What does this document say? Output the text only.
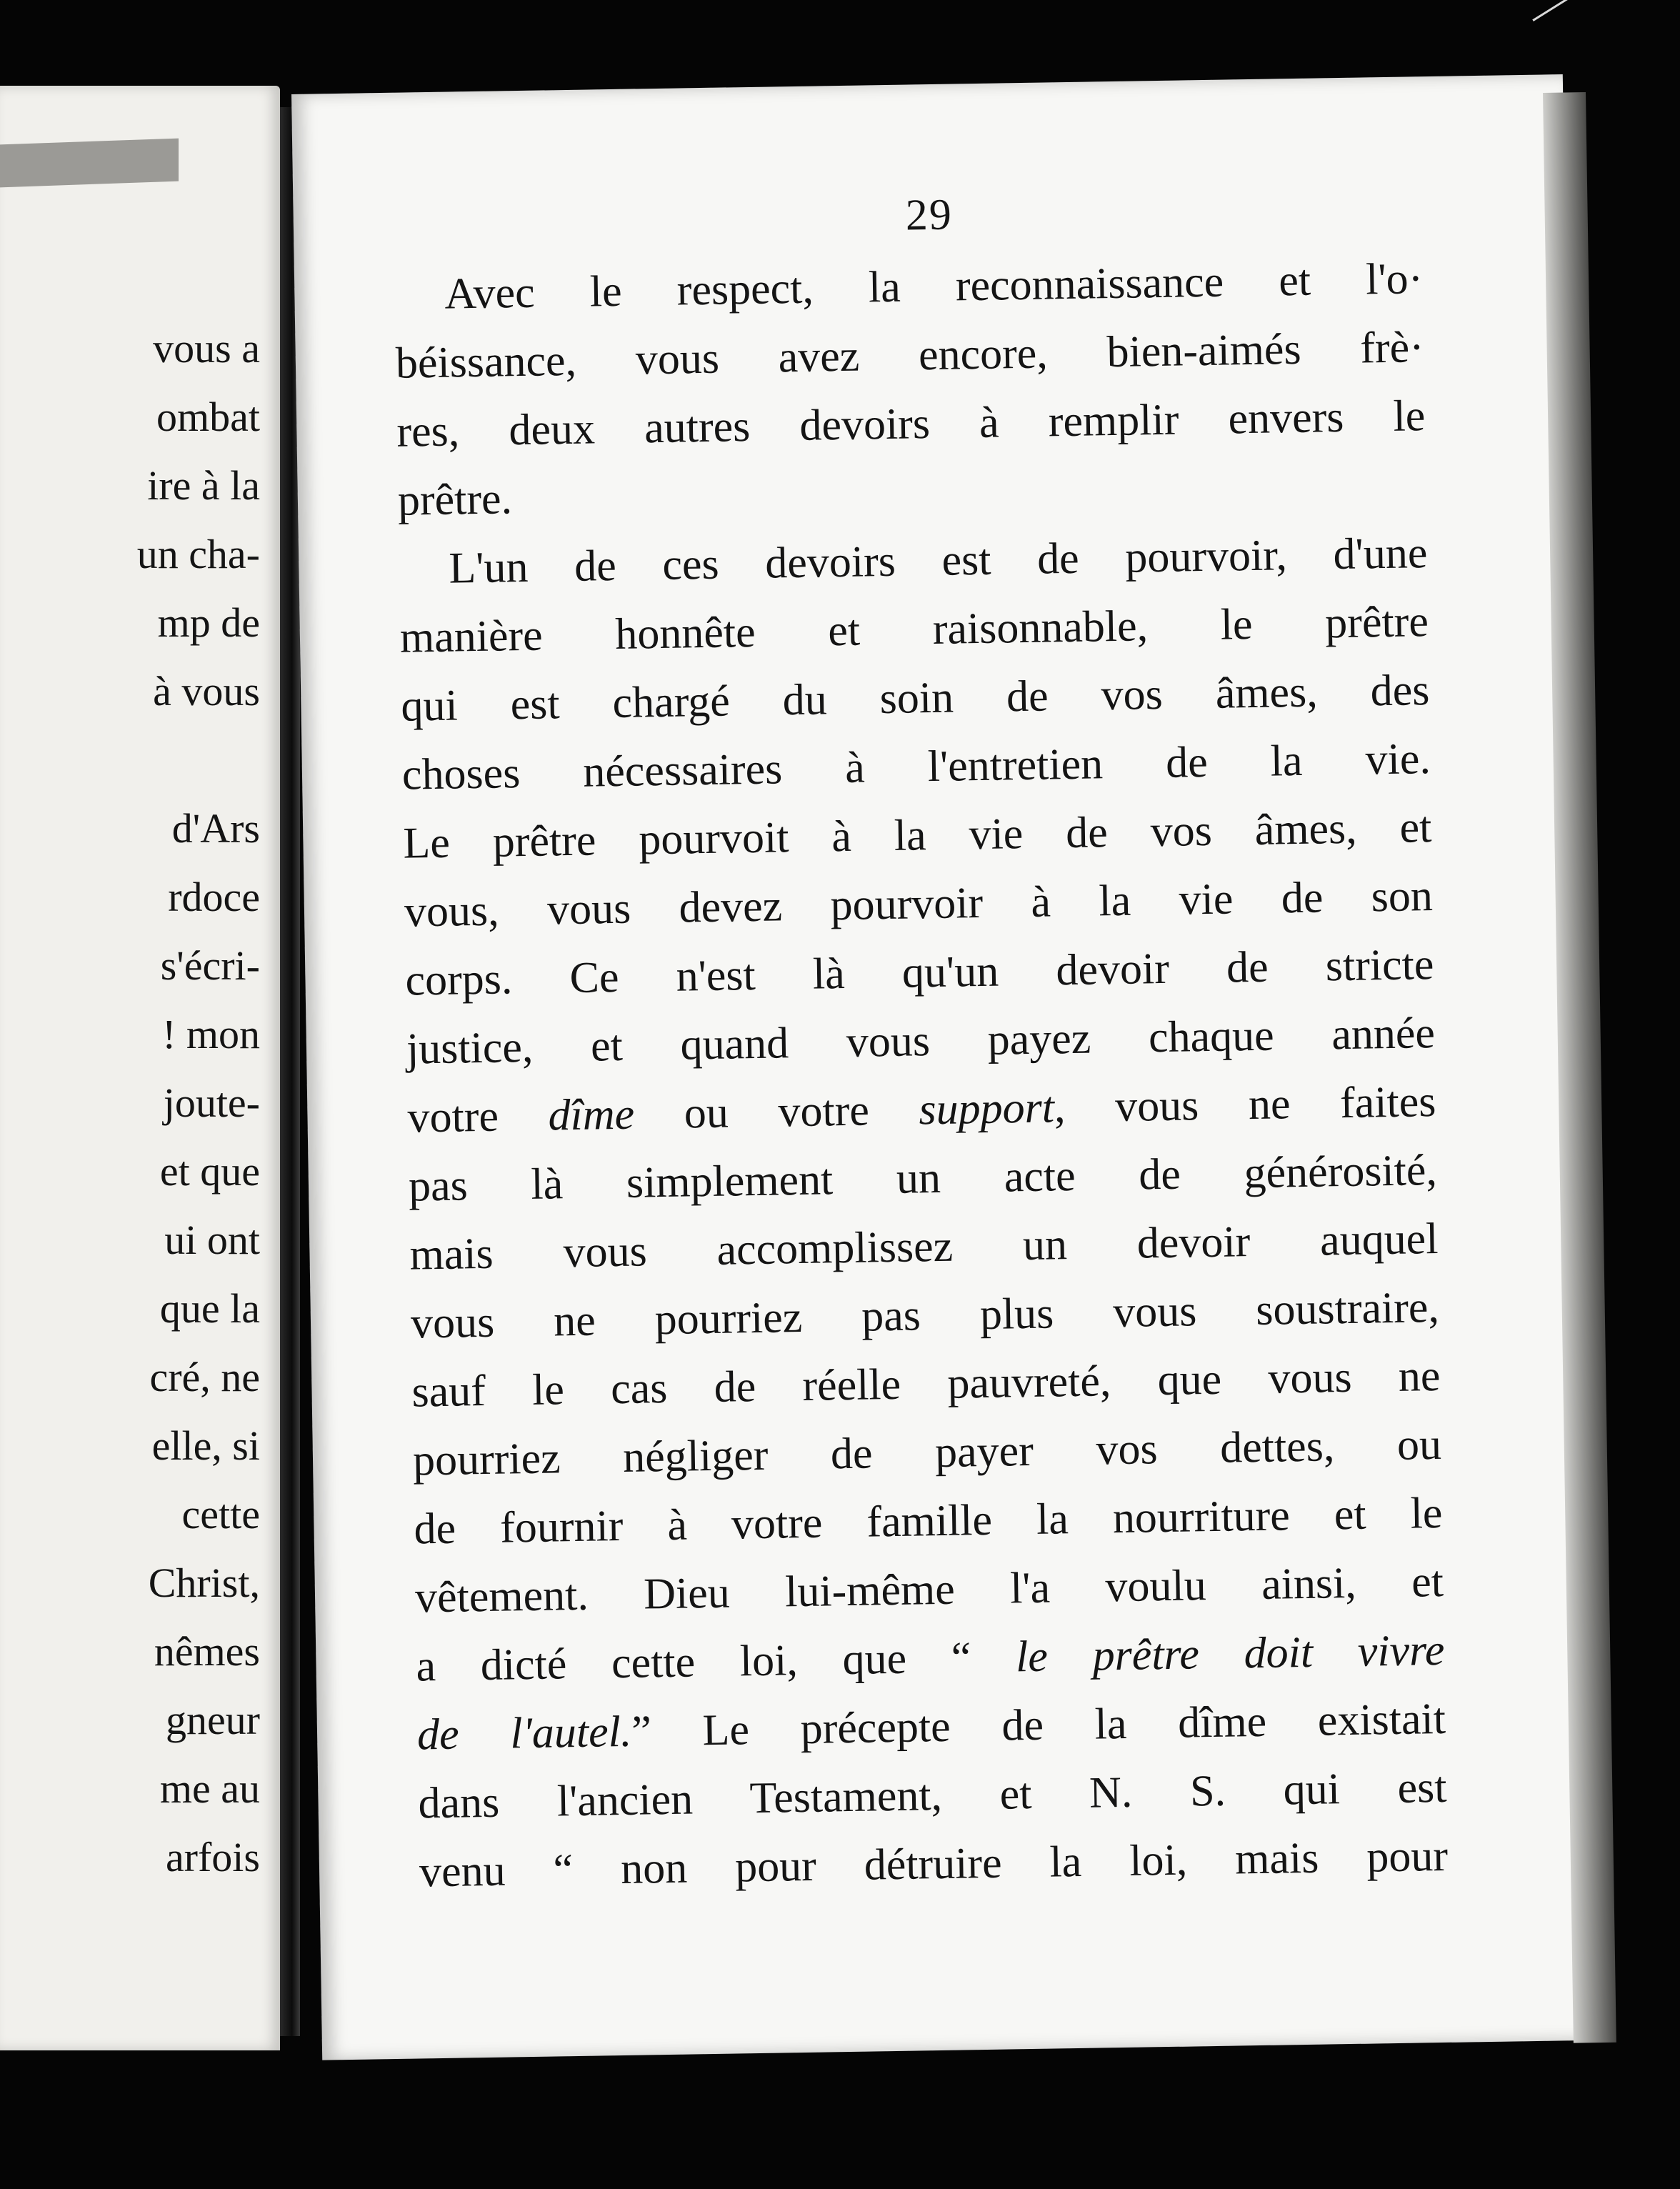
vous a
ombat
ire à la
un cha-
mp de
à vous
d'Ars
rdoce
s'écri-
! mon
joute-
et que
ui ont
que la
cré, ne
elle, si
cette
Christ,
nêmes
gneur
me au
arfois
29
Avec le respect, la reconnaissance et l'o·
béissance, vous avez encore, bien-aimés frè·
res, deux autres devoirs à remplir envers le
prêtre.
L'un de ces devoirs est de pourvoir, d'une
manière honnête et raisonnable, le prêtre
qui est chargé du soin de vos âmes, des
choses nécessaires à l'entretien de la vie.
Le prêtre pourvoit à la vie de vos âmes, et
vous, vous devez pourvoir à la vie de son
corps. Ce n'est là qu'un devoir de stricte
justice, et quand vous payez chaque année
votre dîme ou votre support, vous ne faites
pas là simplement un acte de générosité,
mais vous accomplissez un devoir auquel
vous ne pourriez pas plus vous soustraire,
sauf le cas de réelle pauvreté, que vous ne
pourriez négliger de payer vos dettes, ou
de fournir à votre famille la nourriture et le
vêtement. Dieu lui-même l'a voulu ainsi, et
a dicté cette loi, que “ le prêtre doit vivre
de l'autel.” Le précepte de la dîme existait
dans l'ancien Testament, et N. S. qui est
venu “ non pour détruire la loi, mais pour
